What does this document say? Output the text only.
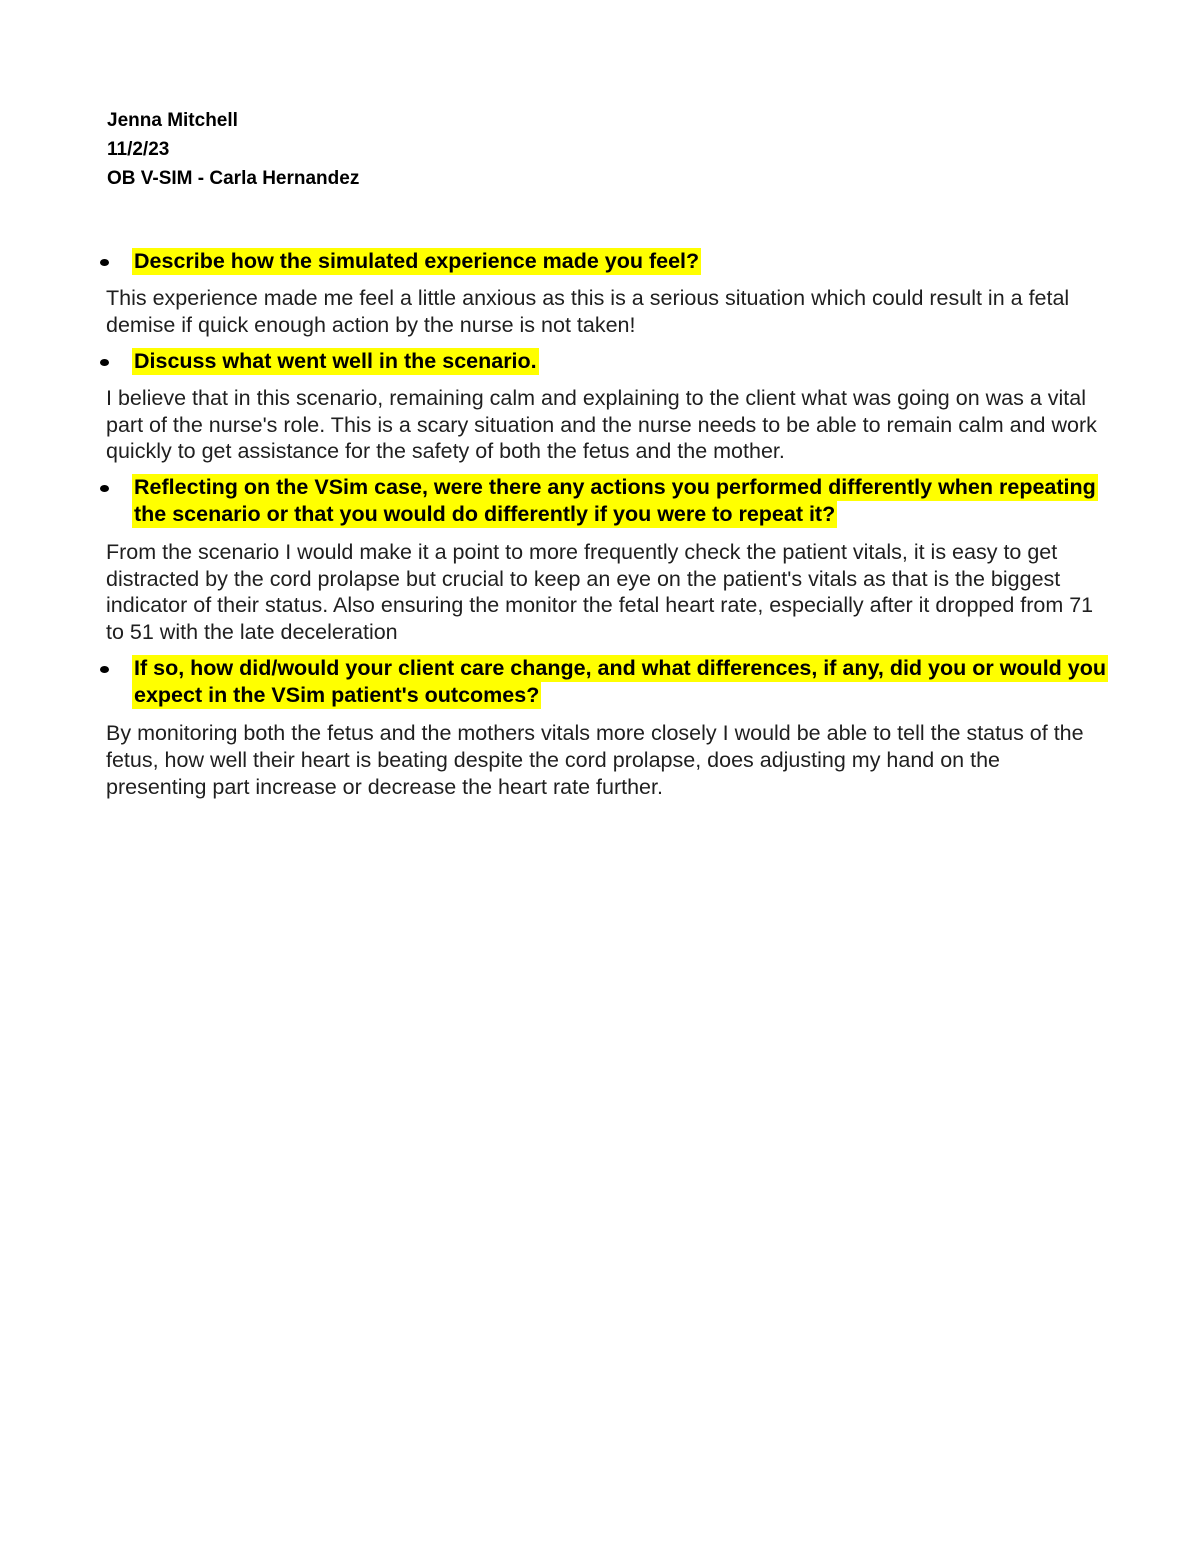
Jenna Mitchell
11/2/23
OB V-SIM - Carla Hernandez
Describe how the simulated experience made you feel?
This experience made me feel a little anxious as this is a serious situation which could result in a fetal demise if quick enough action by the nurse is not taken!
Discuss what went well in the scenario.
I believe that in this scenario, remaining calm and explaining to the client what was going on was a vital part of the nurse's role. This is a scary situation and the nurse needs to be able to remain calm and work quickly to get assistance for the safety of both the fetus and the mother.
Reflecting on the VSim case, were there any actions you performed differently when repeating the scenario or that you would do differently if you were to repeat it?
From the scenario I would make it a point to more frequently check the patient vitals, it is easy to get distracted by the cord prolapse but crucial to keep an eye on the patient's vitals as that is the biggest indicator of their status. Also ensuring the monitor the fetal heart rate, especially after it dropped from 71 to 51 with the late deceleration
If so, how did/would your client care change, and what differences, if any, did you or would you expect in the VSim patient's outcomes?
By monitoring both the fetus and the mothers vitals more closely I would be able to tell the status of the fetus, how well their heart is beating despite the cord prolapse, does adjusting my hand on the presenting part increase or decrease the heart rate further.
